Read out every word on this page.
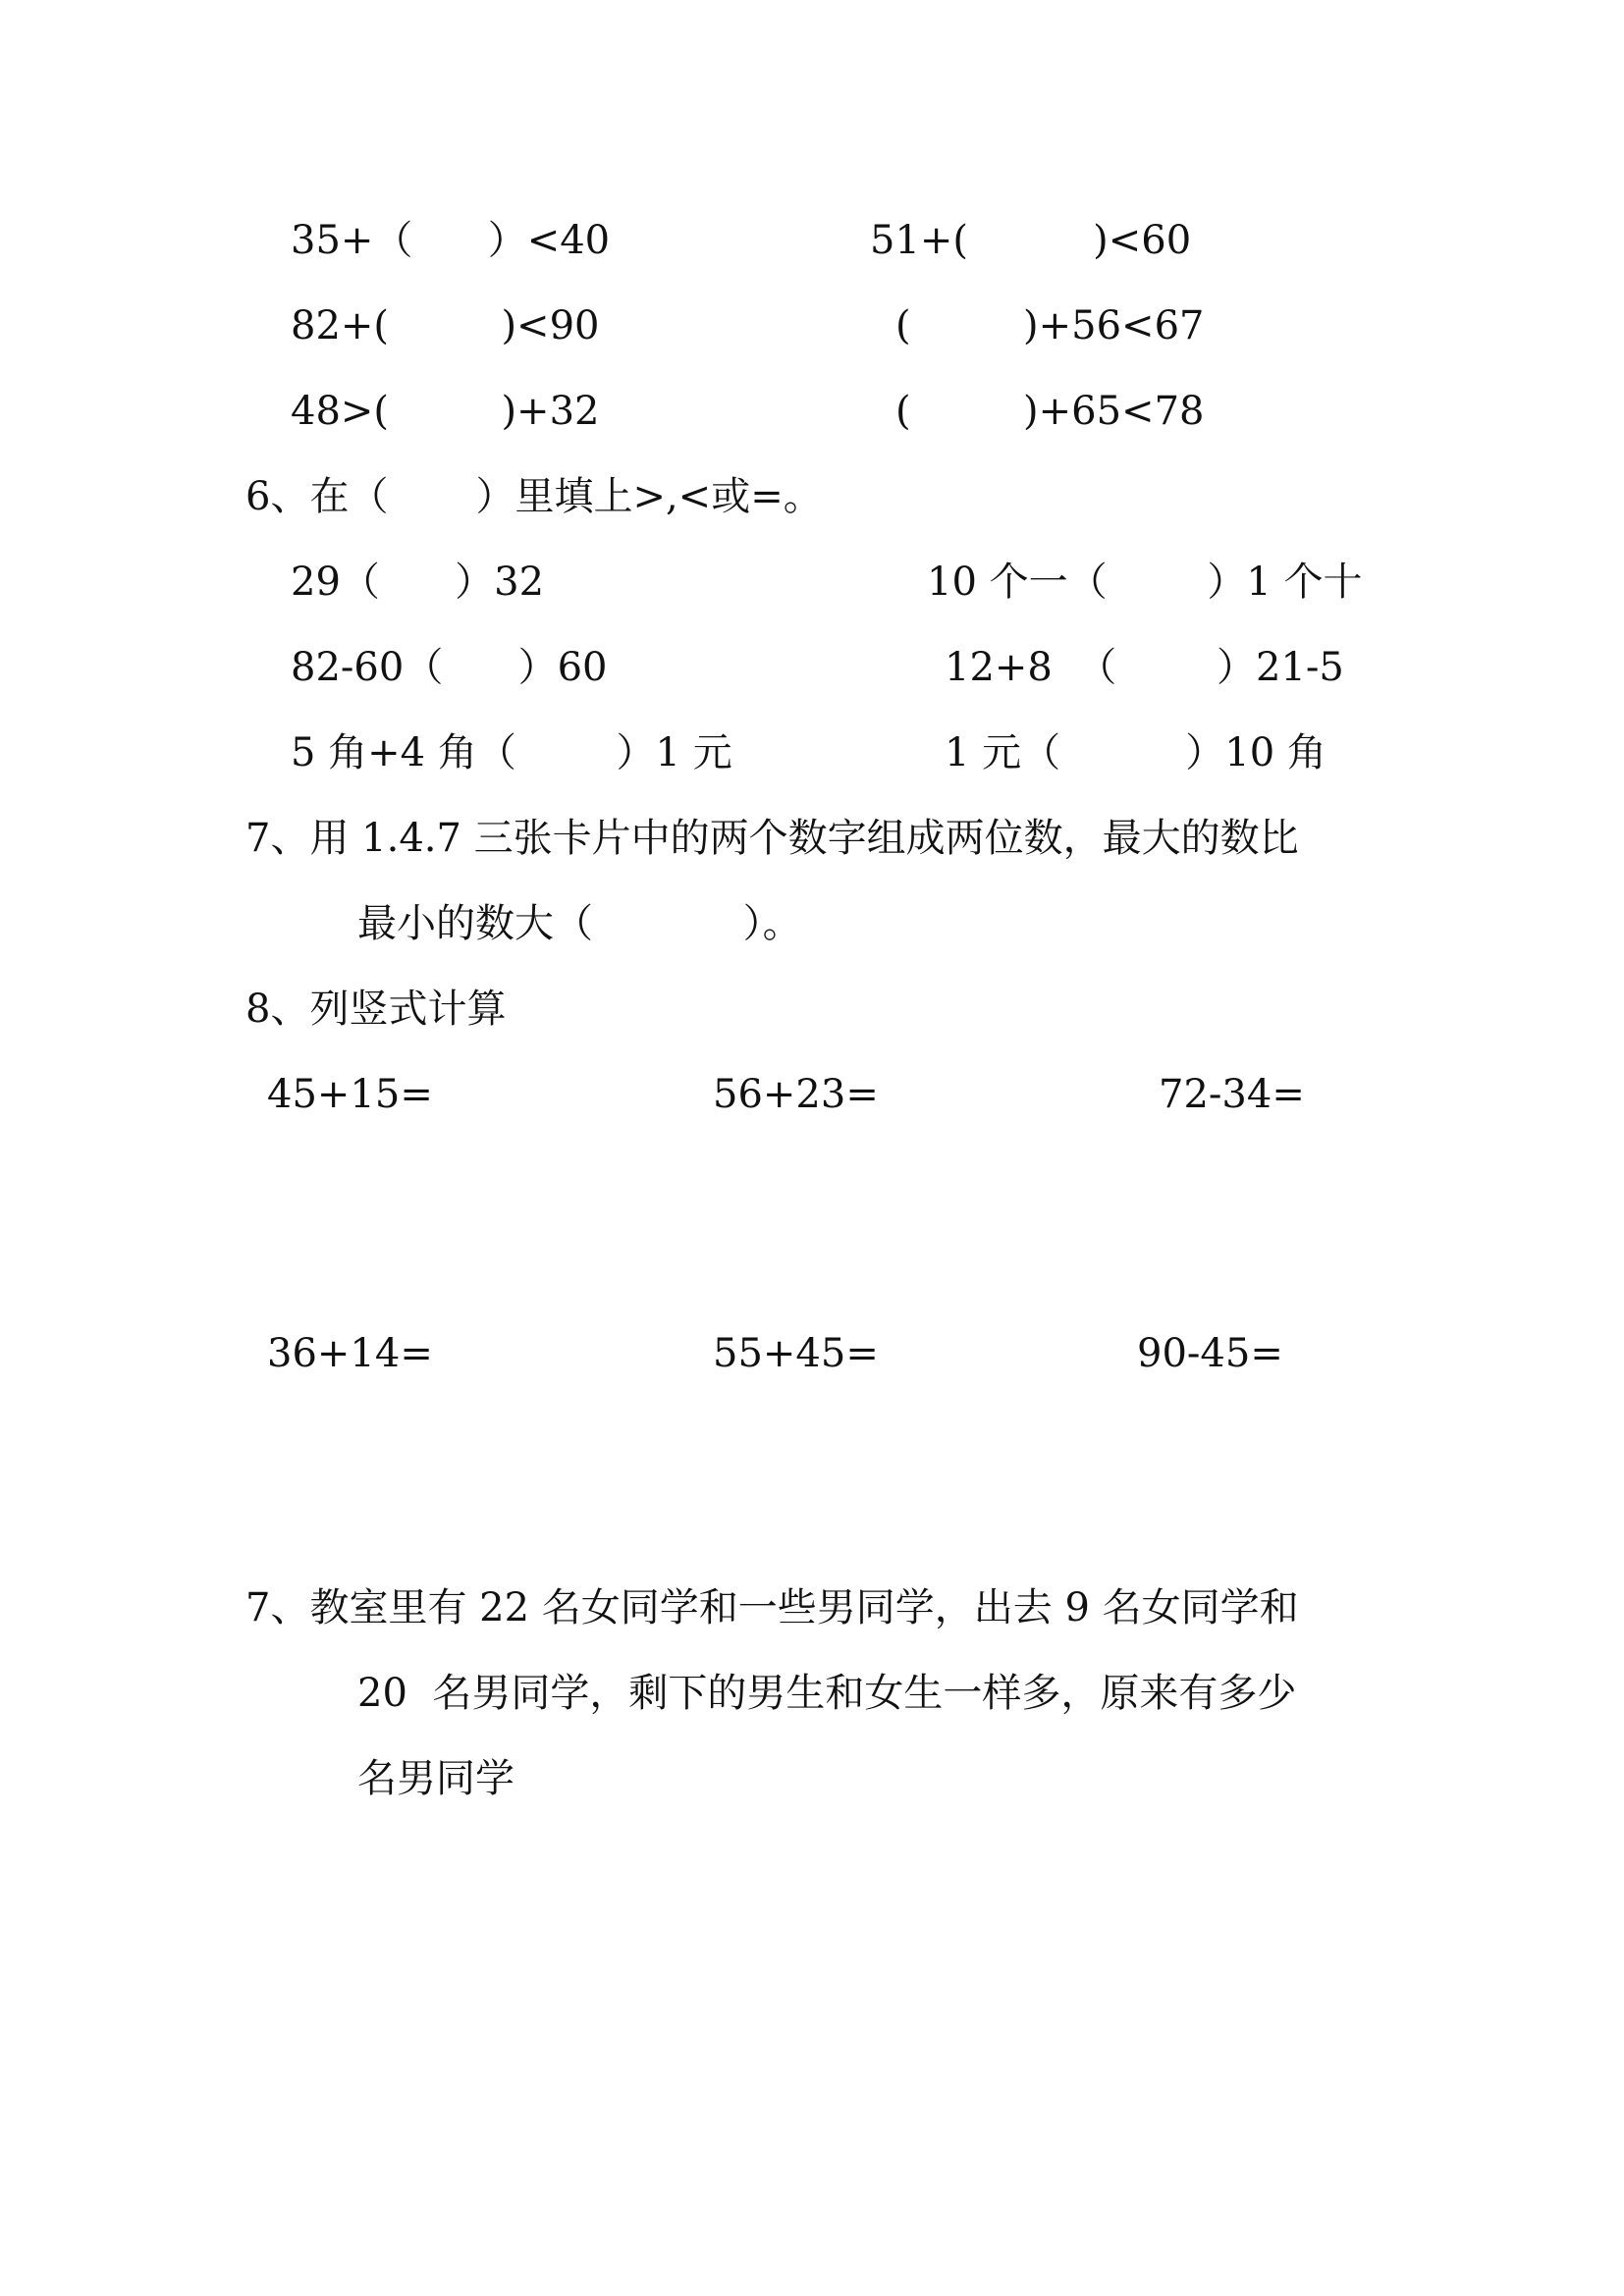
35+（      ）<40	51+(          )<60
82+(         )<90	(         )+56<67
48>(         )+32	(         )+65<78
6、在（       ）里填上>,<或=。
29（      ）32	10 个一（        ）1 个十
82-60（      ）60	12+8  （        ）21-5
5 角+4 角（        ）1 元	1 元（          ）10 角
7、用 1.4.7 三张卡片中的两个数字组成两位数，最大的数比
最小的数大（            ）。
8、列竖式计算
45+15=	56+23=	72-34=
36+14=	55+45=	90-45=
7、教室里有 22 名女同学和一些男同学，出去 9 名女同学和
20  名男同学，剩下的男生和女生一样多，原来有多少
名男同学
